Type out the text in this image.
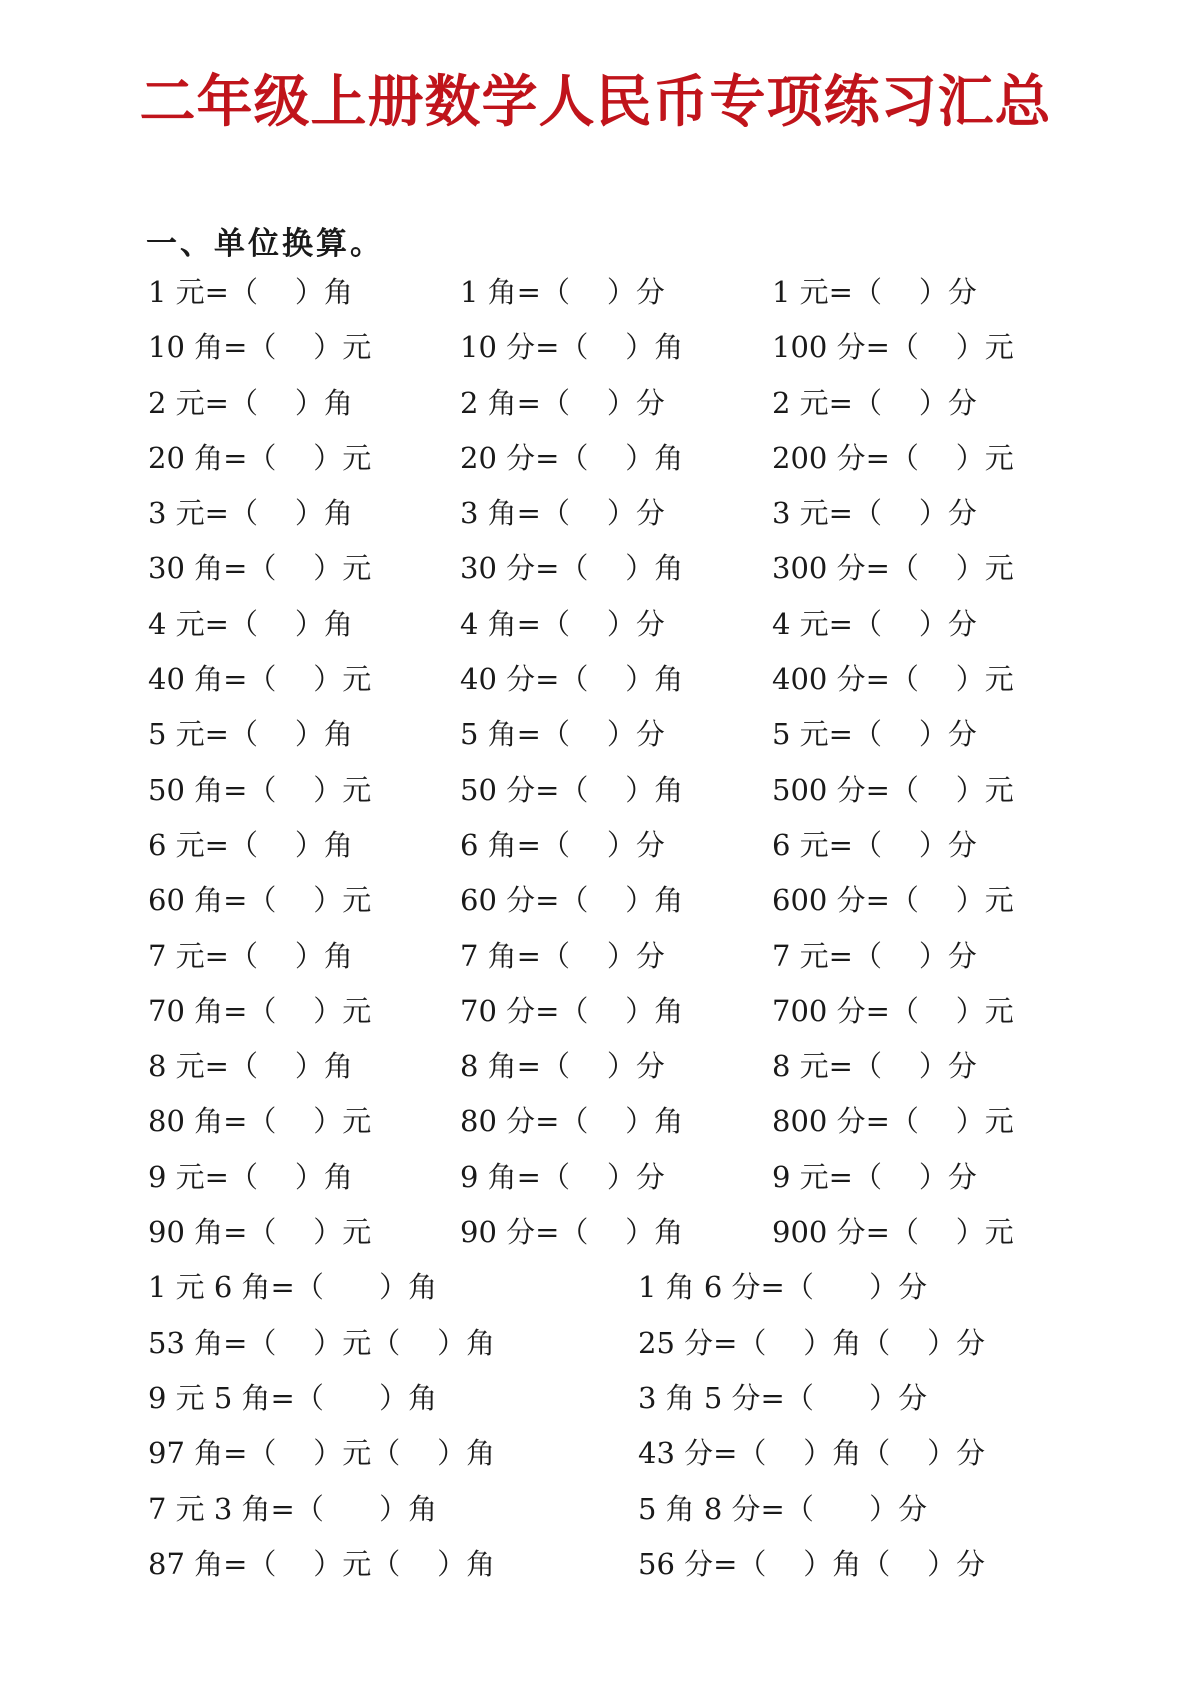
二年级上册数学人民币专项练习汇总
一、单位换算。
1 元=（    ）角	1 角=（    ）分	1 元=（    ）分
10 角=（    ）元	10 分=（    ）角	100 分=（    ）元
2 元=（    ）角	2 角=（    ）分	2 元=（    ）分
20 角=（    ）元	20 分=（    ）角	200 分=（    ）元
3 元=（    ）角	3 角=（    ）分	3 元=（    ）分
30 角=（    ）元	30 分=（    ）角	300 分=（    ）元
4 元=（    ）角	4 角=（    ）分	4 元=（    ）分
40 角=（    ）元	40 分=（    ）角	400 分=（    ）元
5 元=（    ）角	5 角=（    ）分	5 元=（    ）分
50 角=（    ）元	50 分=（    ）角	500 分=（    ）元
6 元=（    ）角	6 角=（    ）分	6 元=（    ）分
60 角=（    ）元	60 分=（    ）角	600 分=（    ）元
7 元=（    ）角	7 角=（    ）分	7 元=（    ）分
70 角=（    ）元	70 分=（    ）角	700 分=（    ）元
8 元=（    ）角	8 角=（    ）分	8 元=（    ）分
80 角=（    ）元	80 分=（    ）角	800 分=（    ）元
9 元=（    ）角	9 角=（    ）分	9 元=（    ）分
90 角=（    ）元	90 分=（    ）角	900 分=（    ）元
1 元 6 角=（      ）角	1 角 6 分=（      ）分
53 角=（    ）元（    ）角	25 分=（    ）角（    ）分
9 元 5 角=（      ）角	3 角 5 分=（      ）分
97 角=（    ）元（    ）角	43 分=（    ）角（    ）分
7 元 3 角=（      ）角	5 角 8 分=（      ）分
87 角=（    ）元（    ）角	56 分=（    ）角（    ）分
